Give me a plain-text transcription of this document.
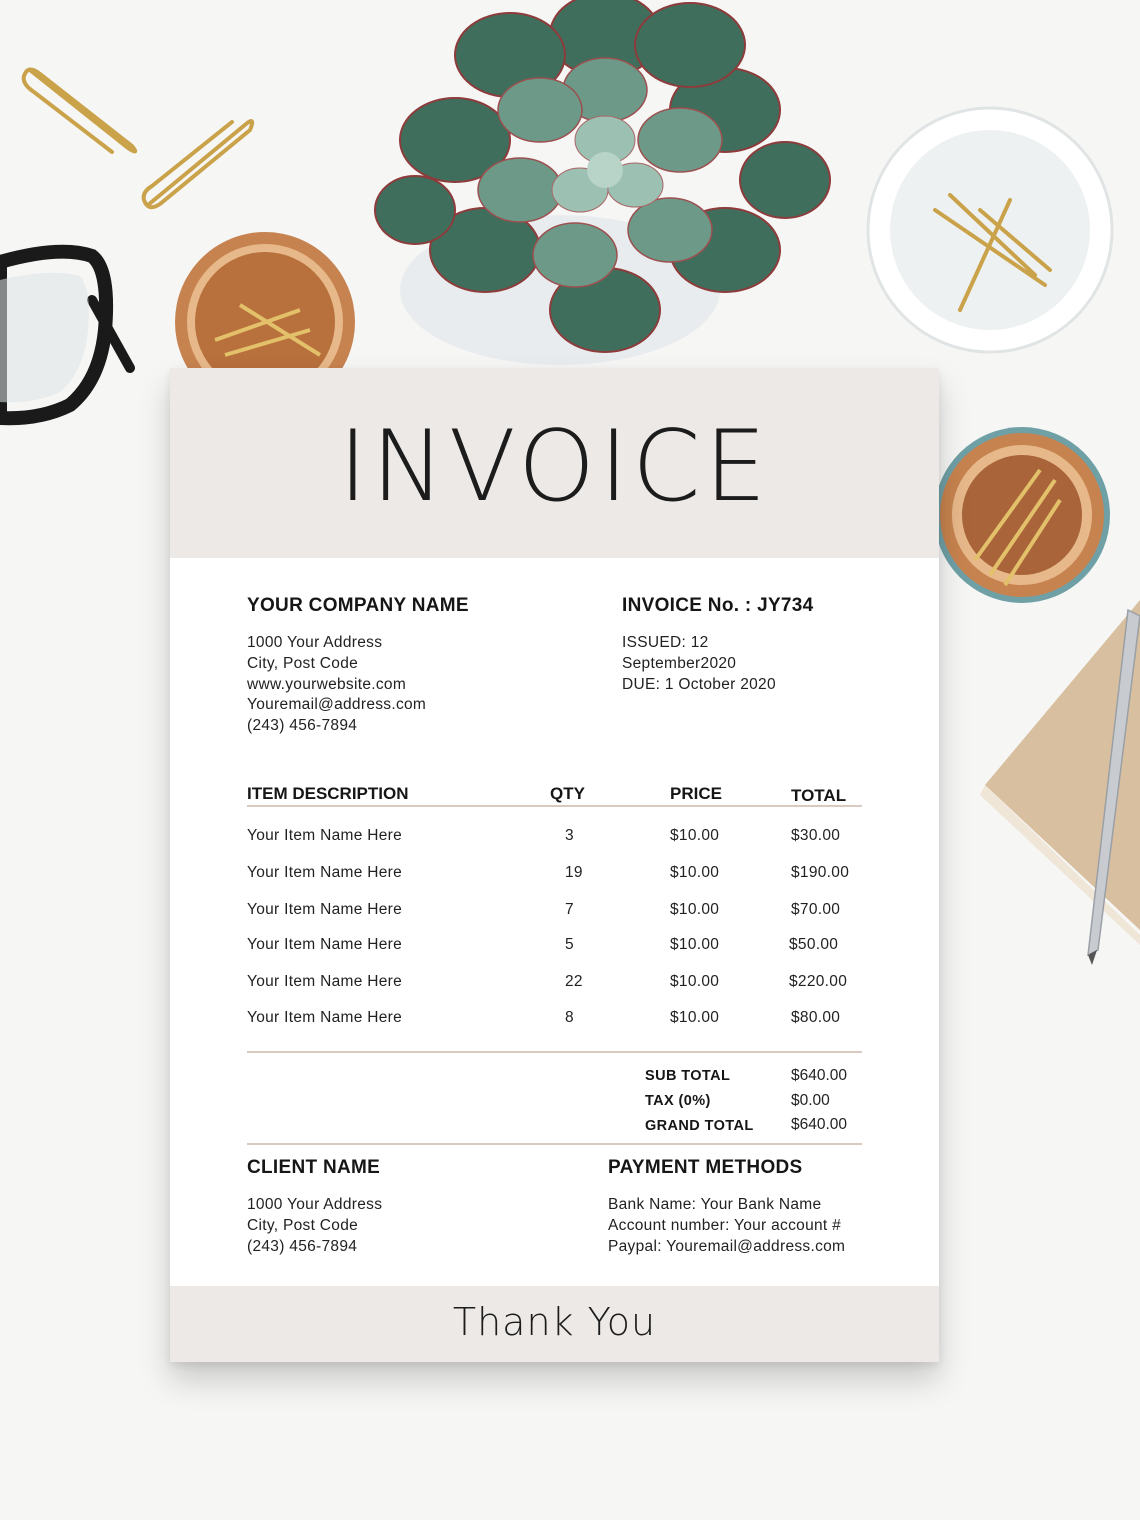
INVOICE
YOUR COMPANY NAME
1000 Your Address
City, Post Code
www.yourwebsite.com
Youremail@address.com
(243) 456-7894
INVOICE No. : JY734
ISSUED: 12
September2020
DUE: 1 October 2020
ITEM DESCRIPTION	QTY	PRICE	TOTAL
Your Item Name Here	3	$10.00	$30.00
Your Item Name Here	19	$10.00	$190.00
Your Item Name Here	7	$10.00	$70.00
Your Item Name Here	5	$10.00	$50.00
Your Item Name Here	22	$10.00	$220.00
Your Item Name Here	8	$10.00	$80.00
SUB TOTAL	$640.00
TAX (0%)	$0.00
GRAND TOTAL $640.00
CLIENT NAME
1000 Your Address
City, Post Code
(243) 456-7894
PAYMENT METHODS
Bank Name: Your Bank Name
Account number: Your account #
Paypal: Youremail@address.com
Thank You
